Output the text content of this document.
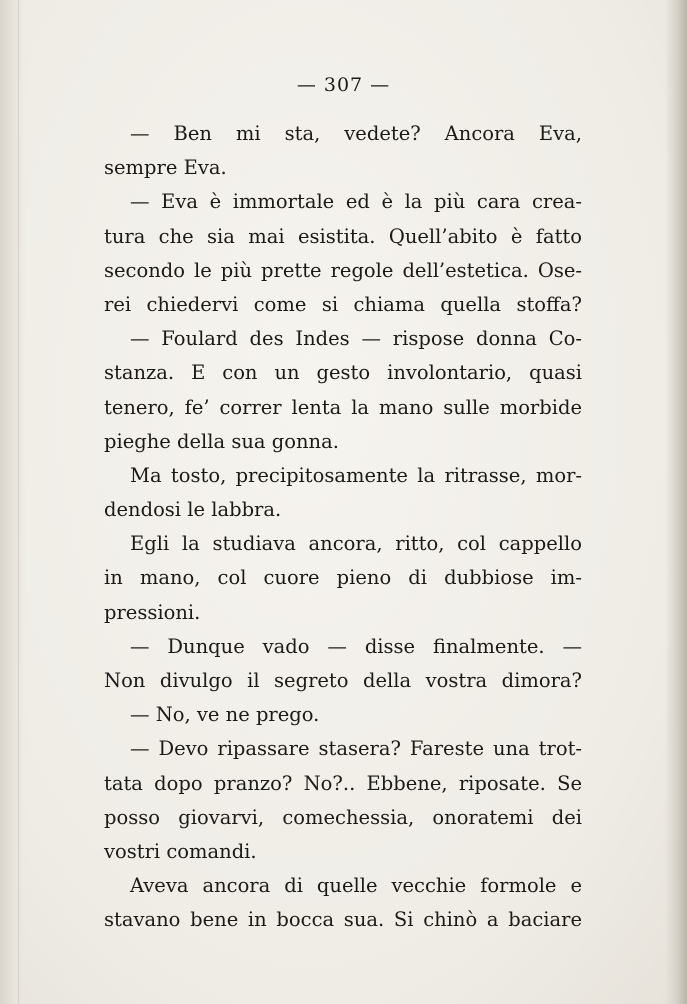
— 307 —
— Ben mi sta, vedete? Ancora Eva,
sempre Eva.
— Eva è immortale ed è la più cara crea-
tura che sia mai esistita. Quell’abito è fatto
secondo le più prette regole dell’estetica. Ose-
rei chiedervi come si chiama quella stoffa?
— Foulard des Indes — rispose donna Co-
stanza. E con un gesto involontario, quasi
tenero, fe’ correr lenta la mano sulle morbide
pieghe della sua gonna.
Ma tosto, precipitosamente la ritrasse, mor-
dendosi le labbra.
Egli la studiava ancora, ritto, col cappello
in mano, col cuore pieno di dubbiose im-
pressioni.
— Dunque vado — disse finalmente. —
Non divulgo il segreto della vostra dimora?
— No, ve ne prego.
— Devo ripassare stasera? Fareste una trot-
tata dopo pranzo? No?.. Ebbene, riposate. Se
posso giovarvi, comechessia, onoratemi dei
vostri comandi.
Aveva ancora di quelle vecchie formole e
stavano bene in bocca sua. Si chinò a baciare
